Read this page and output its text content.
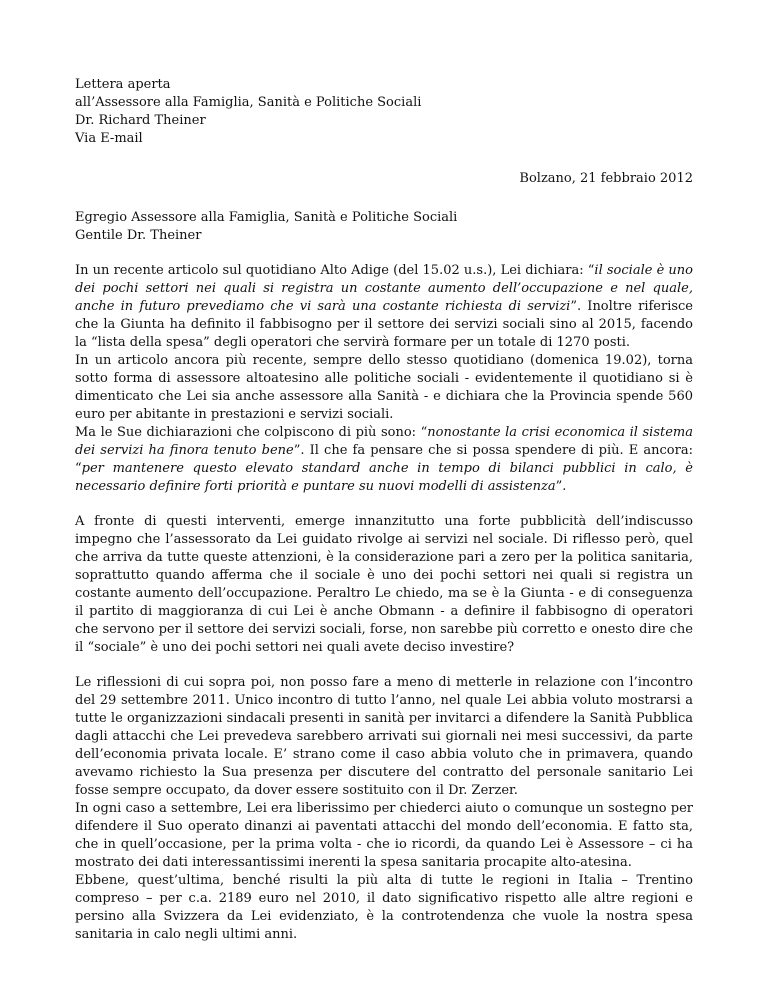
Lettera aperta
all’Assessore alla Famiglia, Sanità e Politiche Sociali
Dr. Richard Theiner
Via E-mail
Bolzano, 21 febbraio 2012
Egregio Assessore alla Famiglia, Sanità e Politiche Sociali
Gentile Dr. Theiner

In un recente articolo sul quotidiano Alto Adige (del 15.02 u.s.), Lei dichiara: “il sociale è uno dei pochi settori nei quali si registra un costante aumento dell’occupazione e nel quale, anche in futuro prevediamo che vi sarà una costante richiesta di servizi”. Inoltre riferisce che la Giunta ha definito il fabbisogno per il settore dei servizi sociali sino al 2015, facendo la “lista della spesa” degli operatori che servirà formare per un totale di 1270 posti.

In un articolo ancora più recente, sempre dello stesso quotidiano (domenica 19.02), torna sotto forma di assessore altoatesino alle politiche sociali - evidentemente il quotidiano si è dimenticato che Lei sia anche assessore alla Sanità - e dichiara che la Provincia spende 560 euro per abitante in prestazioni e servizi sociali.

Ma le Sue dichiarazioni che colpiscono di più sono: “nonostante la crisi economica il sistema dei servizi ha finora tenuto bene”. Il che fa pensare che si possa spendere di più. E ancora: “per mantenere questo elevato standard anche in tempo di bilanci pubblici in calo, è necessario definire forti priorità e puntare su nuovi modelli di assistenza”.

A fronte di questi interventi, emerge innanzitutto una forte pubblicità dell’indiscusso impegno che l’assessorato da Lei guidato rivolge ai servizi nel sociale. Di riflesso però, quel che arriva da tutte queste attenzioni, è la considerazione pari a zero per la politica sanitaria, soprattutto quando afferma che il sociale è uno dei pochi settori nei quali si registra un costante aumento dell’occupazione. Peraltro Le chiedo, ma se è la Giunta - e di conseguenza il partito di maggioranza di cui Lei è anche Obmann - a definire il fabbisogno di operatori che servono per il settore dei servizi sociali, forse, non sarebbe più corretto e onesto dire che il “sociale” è uno dei pochi settori nei quali avete deciso investire?

Le riflessioni di cui sopra poi, non posso fare a meno di metterle in relazione con l’incontro del 29 settembre 2011. Unico incontro di tutto l’anno, nel quale Lei abbia voluto mostrarsi a tutte le organizzazioni sindacali presenti in sanità per invitarci a difendere la Sanità Pubblica dagli attacchi che Lei prevedeva sarebbero arrivati sui giornali nei mesi successivi, da parte dell’economia privata locale. E’ strano come il caso abbia voluto che in primavera, quando avevamo richiesto la Sua presenza per discutere del contratto del personale sanitario Lei fosse sempre occupato, da dover essere sostituito con il Dr. Zerzer.

In ogni caso a settembre, Lei era liberissimo per chiederci aiuto o comunque un sostegno per difendere il Suo operato dinanzi ai paventati attacchi del mondo dell’economia. E fatto sta, che in quell’occasione, per la prima volta - che io ricordi, da quando Lei è Assessore – ci ha mostrato dei dati interessantissimi inerenti la spesa sanitaria procapite alto-atesina.

Ebbene, quest’ultima, benché risulti la più alta di tutte le regioni in Italia – Trentino compreso – per c.a. 2189 euro nel 2010, il dato significativo rispetto alle altre regioni e persino alla Svizzera da Lei evidenziato, è la controtendenza che vuole la nostra spesa sanitaria in calo negli ultimi anni.
